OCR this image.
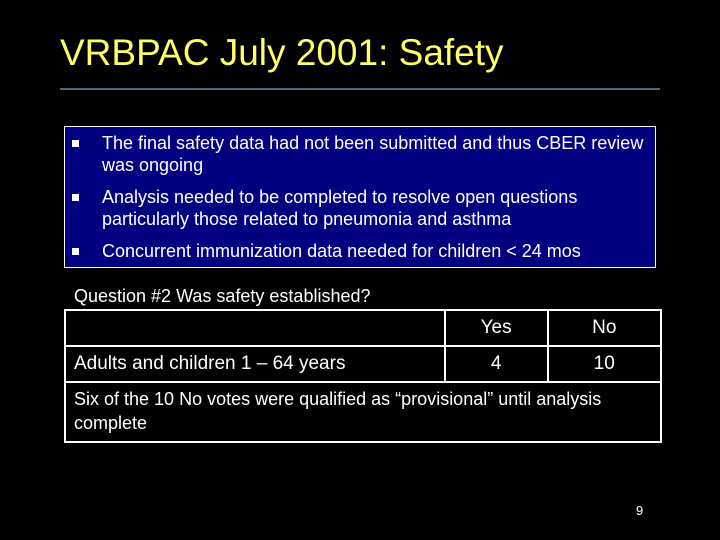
VRBPAC July 2001: Safety
The final safety data had not been submitted and thus CBER review was ongoing
Analysis needed to be completed to resolve open questions particularly those related to pneumonia and asthma
Concurrent immunization data needed for children < 24 mos
Question #2 Was safety established?
	Yes	No
Adults and children 1 – 64 years	4	10
Six of the 10 No votes were qualified as “provisional” until analysis complete		
9
